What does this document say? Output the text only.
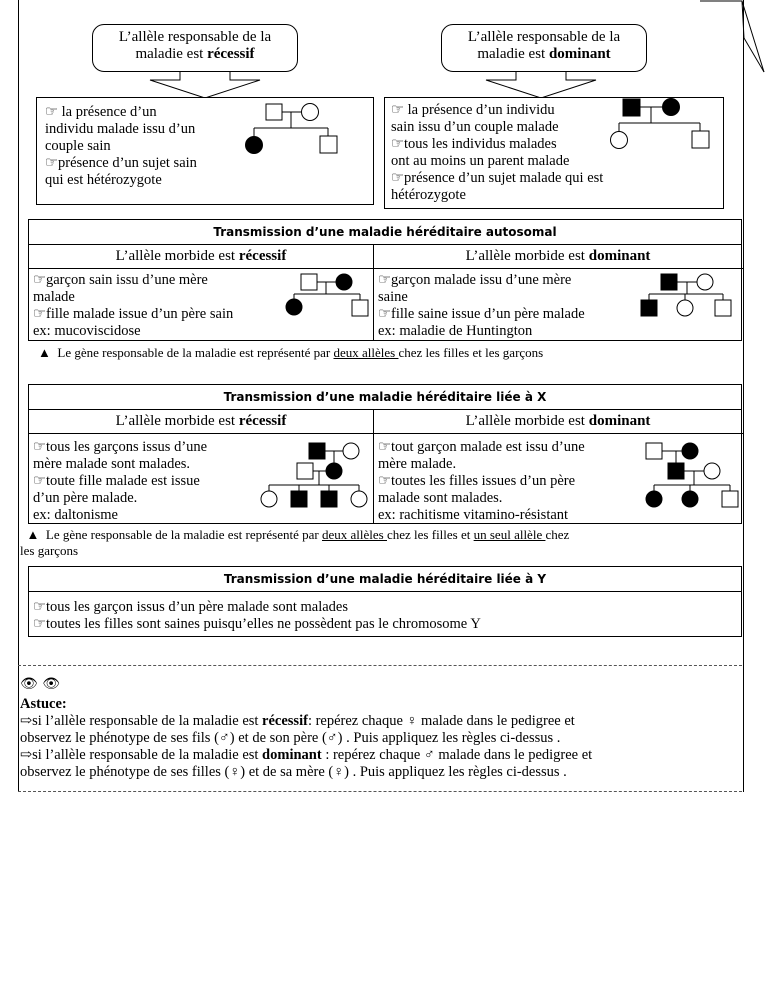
L’allèle responsable de la
maladie est récessif
L’allèle responsable de la
maladie est dominant
☞ la présence d’un
individu malade issu d’un
couple sain
☞présence d’un sujet sain
qui est hétérozygote
☞ la présence d’un individu
sain issu d’un couple malade
☞tous les individus malades
ont au moins un parent malade
☞présence d’un sujet malade qui est
hétérozygote
Transmission d’une maladie héréditaire autosomal
L’allèle morbide est récessif	L’allèle morbide est dominant
☞garçon sain issu d’une mère
malade
☞fille malade issue d’un père sain
ex: mucoviscidose
☞garçon malade issu d’une mère
saine
☞fille saine issue d’un père malade
ex: maladie de Huntington
▲ Le gène responsable de la maladie est représenté par deux allèles chez les filles et les garçons
Transmission d’une maladie héréditaire liée à X
L’allèle morbide est récessif	L’allèle morbide est dominant
☞tous les garçons issus d’une
mère malade sont malades.
☞toute fille malade est issue
d’un père malade.
ex: daltonisme
☞tout garçon malade est issu d’une
mère malade.
☞toutes les filles issues d’un père
malade sont malades.
ex: rachitisme vitamino-résistant
▲ Le gène responsable de la maladie est représenté par deux allèles chez les filles et un seul allèle chez
les garçons
Transmission d’une maladie héréditaire liée à Y
☞tous les garçon issus d’un père malade sont malades
☞toutes les filles sont saines puisqu’elles ne possèdent pas le chromosome Y
👁 👁
Astuce:
⇨si l’allèle responsable de la maladie est récessif: repérez chaque ♀ malade dans le pedigree et
observez le phénotype de ses fils (♂) et de son père (♂) . Puis appliquez les règles ci-dessus .
⇨si l’allèle responsable de la maladie est dominant : repérez chaque ♂ malade dans le pedigree et
observez le phénotype de ses filles (♀) et de sa mère (♀) . Puis appliquez les règles ci-dessus .
